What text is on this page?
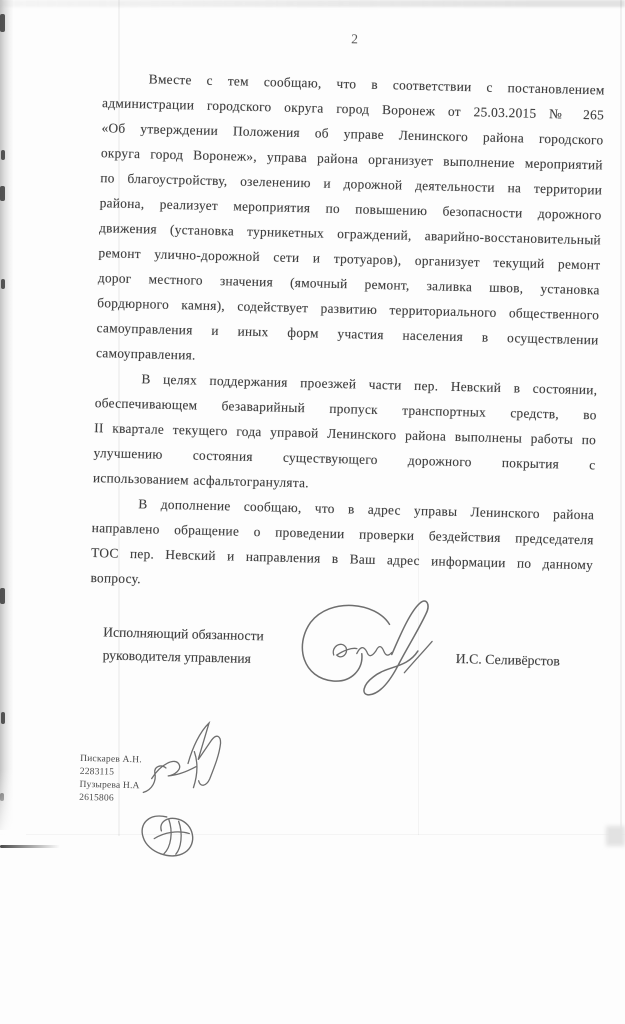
2
Вместе с тем сообщаю, что в соответствии с постановлением
администрации городского округа город Воронеж от 25.03.2015 № 265
«Об утверждении Положения об управе Ленинского района городского
округа город Воронеж», управа района организует выполнение мероприятий
по благоустройству, озеленению и дорожной деятельности на территории
района, реализует мероприятия по повышению безопасности дорожного
движения (установка турникетных ограждений, аварийно-восстановительный
ремонт улично-дорожной сети и тротуаров), организует текущий ремонт
дорог местного значения (ямочный ремонт, заливка швов, установка
бордюрного камня), содействует развитию территориального общественного
самоуправления и иных форм участия населения в осуществлении
самоуправления.
В целях поддержания проезжей части пер. Невский в состоянии,
обеспечивающем безаварийный пропуск транспортных средств, во
II квартале текущего года управой Ленинского района выполнены работы по
улучшению состояния существующего дорожного покрытия с
использованием асфальтогранулята.
В дополнение сообщаю, что в адрес управы Ленинского района
направлено обращение о проведении проверки бездействия председателя
ТОС пер. Невский и направления в Ваш адрес информации по данному
вопросу.
Исполняющий обязанности
руководителя управления	И.С. Селивёрстов
Пискарев А.Н.
2283115
Пузырева Н.А
2615806
